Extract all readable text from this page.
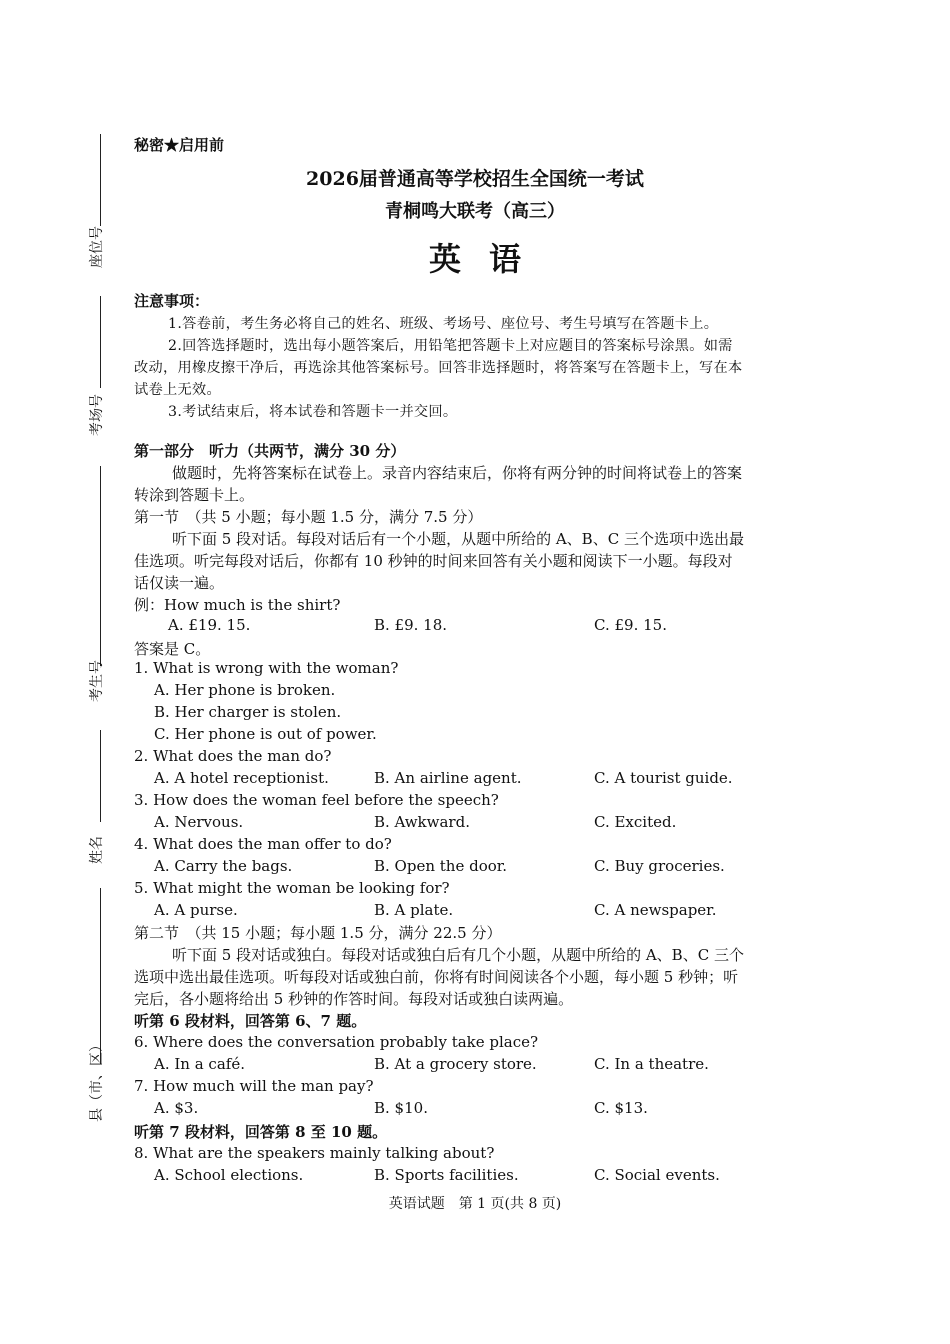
座位号
考场号
考生号
姓名
县（市、区）
秘密★启用前
2026届普通高等学校招生全国统一考试
青桐鸣大联考（高三）
英语
注意事项：
1.答卷前，考生务必将自己的姓名、班级、考场号、座位号、考生号填写在答题卡上。
2.回答选择题时，选出每小题答案后，用铅笔把答题卡上对应题目的答案标号涂黑。如需
改动，用橡皮擦干净后，再选涂其他答案标号。回答非选择题时，将答案写在答题卡上，写在本
试卷上无效。
3.考试结束后，将本试卷和答题卡一并交回。
第一部分　听力（共两节，满分 30 分）
做题时，先将答案标在试卷上。录音内容结束后，你将有两分钟的时间将试卷上的答案
转涂到答题卡上。
第一节　（共 5 小题；每小题 1.5 分，满分 7.5 分）
听下面 5 段对话。每段对话后有一个小题，从题中所给的 A、B、C 三个选项中选出最
佳选项。听完每段对话后，你都有 10 秒钟的时间来回答有关小题和阅读下一小题。每段对
话仅读一遍。
例：How much is the shirt?
A. £19. 15.	B. £9. 18.	C. £9. 15.
答案是 C。
1. What is wrong with the woman?
A. Her phone is broken.
B. Her charger is stolen.
C. Her phone is out of power.
2. What does the man do?
A. A hotel receptionist.	B. An airline agent.	C. A tourist guide.
3. How does the woman feel before the speech?
A. Nervous.	B. Awkward.	C. Excited.
4. What does the man offer to do?
A. Carry the bags.	B. Open the door.	C. Buy groceries.
5. What might the woman be looking for?
A. A purse.	B. A plate.	C. A newspaper.
第二节　（共 15 小题；每小题 1.5 分，满分 22.5 分）
听下面 5 段对话或独白。每段对话或独白后有几个小题，从题中所给的 A、B、C 三个
选项中选出最佳选项。听每段对话或独白前，你将有时间阅读各个小题，每小题 5 秒钟；听
完后，各小题将给出 5 秒钟的作答时间。每段对话或独白读两遍。
听第 6 段材料，回答第 6、7 题。
6. Where does the conversation probably take place?
A. In a café.	B. At a grocery store.	C. In a theatre.
7. How much will the man pay?
A. $3.	B. $10.	C. $13.
听第 7 段材料，回答第 8 至 10 题。
8. What are the speakers mainly talking about?
A. School elections.	B. Sports facilities.	C. Social events.
英语试题　第 1 页(共 8 页)
